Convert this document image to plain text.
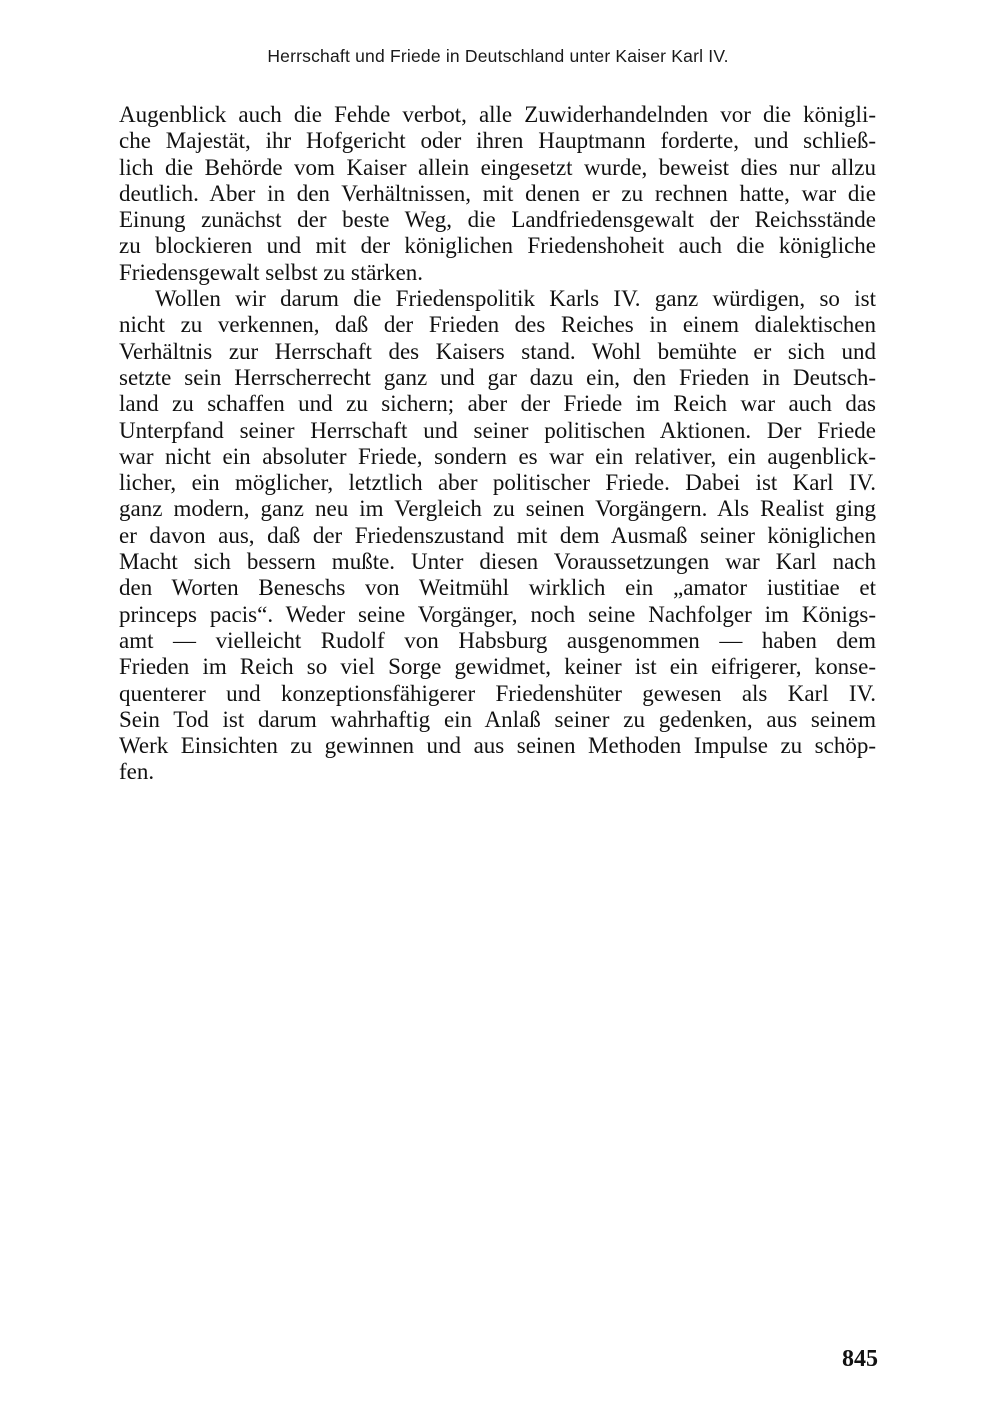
Herrschaft und Friede in Deutschland unter Kaiser Karl IV.
Augenblick auch die Fehde verbot, alle Zuwiderhandelnden vor die königli-
che Majestät, ihr Hofgericht oder ihren Hauptmann forderte, und schließ-
lich die Behörde vom Kaiser allein eingesetzt wurde, beweist dies nur allzu
deutlich. Aber in den Verhältnissen, mit denen er zu rechnen hatte, war die
Einung zunächst der beste Weg, die Landfriedensgewalt der Reichsstände
zu blockieren und mit der königlichen Friedenshoheit auch die königliche
Friedensgewalt selbst zu stärken.
Wollen wir darum die Friedenspolitik Karls IV. ganz würdigen, so ist
nicht zu verkennen, daß der Frieden des Reiches in einem dialektischen
Verhältnis zur Herrschaft des Kaisers stand. Wohl bemühte er sich und
setzte sein Herrscherrecht ganz und gar dazu ein, den Frieden in Deutsch-
land zu schaffen und zu sichern; aber der Friede im Reich war auch das
Unterpfand seiner Herrschaft und seiner politischen Aktionen. Der Friede
war nicht ein absoluter Friede, sondern es war ein relativer, ein augenblick-
licher, ein möglicher, letztlich aber politischer Friede. Dabei ist Karl IV.
ganz modern, ganz neu im Vergleich zu seinen Vorgängern. Als Realist ging
er davon aus, daß der Friedenszustand mit dem Ausmaß seiner königlichen
Macht sich bessern mußte. Unter diesen Voraussetzungen war Karl nach
den Worten Beneschs von Weitmühl wirklich ein „amator iustitiae et
princeps pacis“. Weder seine Vorgänger, noch seine Nachfolger im Königs-
amt — vielleicht Rudolf von Habsburg ausgenommen — haben dem
Frieden im Reich so viel Sorge gewidmet, keiner ist ein eifrigerer, konse-
quenterer und konzeptionsfähigerer Friedenshüter gewesen als Karl IV.
Sein Tod ist darum wahrhaftig ein Anlaß seiner zu gedenken, aus seinem
Werk Einsichten zu gewinnen und aus seinen Methoden Impulse zu schöp-
fen.
845
